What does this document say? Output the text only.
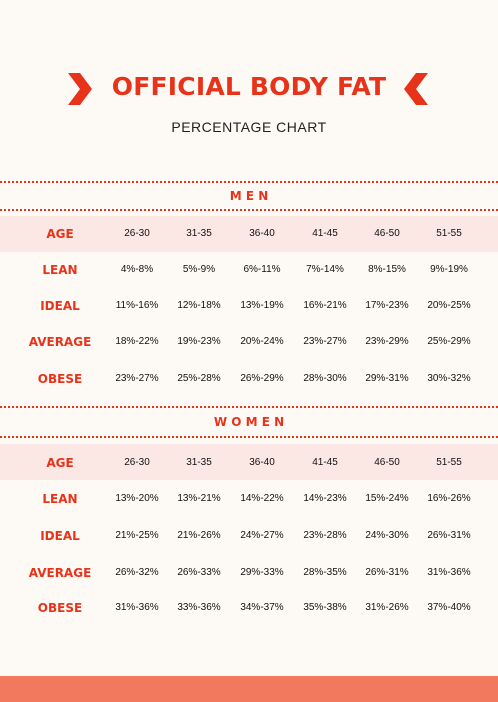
OFFICIAL BODY FAT
PERCENTAGE CHART
M E N
AGE	26-30	31-35	36-40	41-45	46-50	51-55
LEAN	4%-8%	5%-9%	6%-11%	7%-14%	8%-15%	9%-19%
IDEAL	11%-16%	12%-18%	13%-19%	16%-21%	17%-23%	20%-25%
AVERAGE	18%-22%	19%-23%	20%-24%	23%-27%	23%-29%	25%-29%
OBESE	23%-27%	25%-28%	26%-29%	28%-30%	29%-31%	30%-32%
W O M E N
AGE	26-30	31-35	36-40	41-45	46-50	51-55
LEAN	13%-20%	13%-21%	14%-22%	14%-23%	15%-24%	16%-26%
IDEAL	21%-25%	21%-26%	24%-27%	23%-28%	24%-30%	26%-31%
AVERAGE	26%-32%	26%-33%	29%-33%	28%-35%	26%-31%	31%-36%
OBESE	31%-36%	33%-36%	34%-37%	35%-38%	31%-26%	37%-40%
